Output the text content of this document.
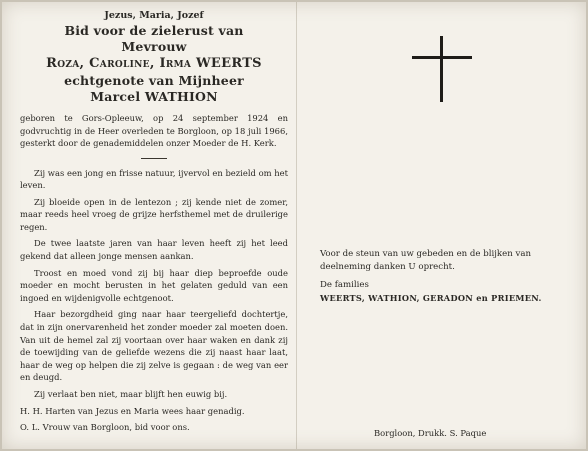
Jezus, Maria, Jozef
Bid voor de zielerust van
Mevrouw
Roza, Caroline, Irma WEERTS
echtgenote van Mijnheer
Marcel WATHION
geboren te Gors-Opleeuw, op 24 september 1924 en godvruchtig in de Heer overleden te Borgloon, op 18 juli 1966, gesterkt door de genademiddelen onzer Moeder de H. Kerk.

Zij was een jong en frisse natuur, ijvervol en bezield om het leven.

Zij bloeide open in de lentezon ; zij kende niet de zomer, maar reeds heel vroeg de grijze herfsthemel met de druilerige regen.

De twee laatste jaren van haar leven heeft zij het leed gekend dat alleen jonge mensen aankan.

Troost en moed vond zij bij haar diep beproefde oude moeder en mocht berusten in het gelaten geduld van een ingoed en wijdenigvolle echtgenoot.

Haar bezorgdheid ging naar haar teergeliefd dochtertje, dat in zijn onervarenheid het zonder moeder zal moeten doen. Van uit de hemel zal zij voortaan over haar waken en dank zij de toewijding van de geliefde wezens die zij naast haar laat, haar de weg op helpen die zij zelve is gegaan : de weg van eer en deugd.

Zij verlaat ben niet, maar blijft hen euwig bij.

H. H. Harten van Jezus en Maria wees haar genadig.

O. L. Vrouw van Borgloon, bid voor ons.

Voor de steun van uw gebeden en de blijken van deelneming danken U oprecht.
De families
WEERTS, WATHION, GERADON en PRIEMEN.
Borgloon, Drukk. S. Paque
